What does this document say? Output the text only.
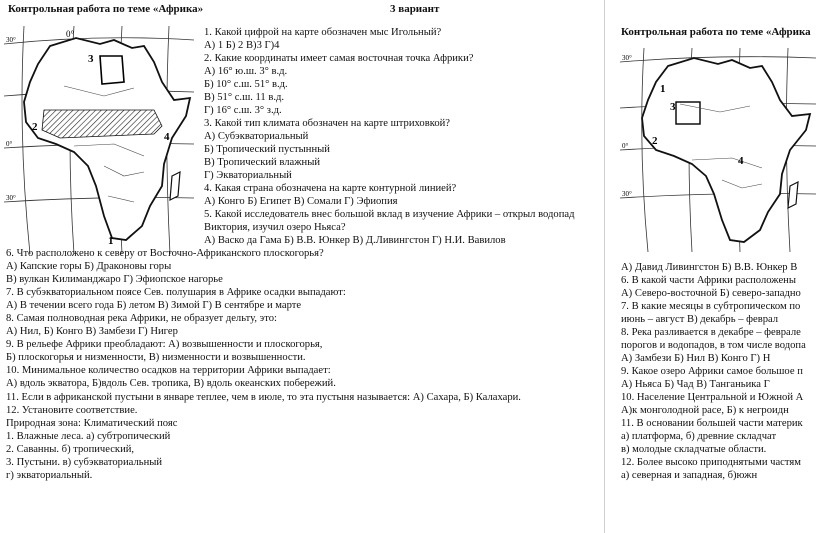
Контрольная работа по теме «Африка»	3 вариант
0°
1
2
3
4
30°
0°
30°
1. Какой цифрой на карте обозначен мыс Игольный?
А) 1 Б) 2 В)3 Г)4
2. Какие координаты имеет самая восточная точка Африки?
А) 16° ю.ш. 3° в.д.
Б) 10° с.ш. 51° в.д.
В) 51° с.ш. 11 в.д.
Г) 16° с.ш. 3° з.д.
3. Какой тип климата обозначен на карте штриховкой?
А) Субэкваториальный
Б) Тропический пустынный
В) Тропический влажный
Г) Экваториальный
4. Какая страна обозначена на карте контурной линией?
А) Конго Б) Египет В) Сомали Г) Эфиопия
5. Какой исследователь внес большой вклад в изучение Африки – открыл водопад
Виктория, изучил озеро Ньяса?
А) Васко да Гама Б) В.В. Юнкер В) Д.Ливингстон Г) Н.И. Вавилов
6. Что расположено к северу от Восточно-Африканского плоскогорья?
А) Капские горы Б) Драконовы горы
В) вулкан Килиманджаро Г) Эфиопское нагорье
7. В субэкваториальном поясе Сев. полушария в Африке осадки выпадают:
А) В течении всего года Б) летом В) Зимой Г) В сентябре и марте
8. Самая полноводная река Африки, не образует дельту, это:
А) Нил, Б) Конго В) Замбези Г) Нигер
9. В рельефе Африки преобладают: А) возвышенности и плоскогорья,
Б) плоскогорья и низменности, В) низменности и возвышенности.
10. Минимальное количество осадков на территории Африки выпадает:
А) вдоль экватора, Б)вдоль Сев. тропика, В) вдоль океанских побережий.
11. Если в африканской пустыни в январе теплее, чем в июле, то эта пустыня называется: А) Сахара, Б) Калахари.
12. Установите соответствие.
Природная зона: Климатический пояс
1. Влажные леса. а) субтропический
2. Саванны. б) тропический,
3. Пустыни. в) субэкваториальный
г) экваториальный.
Контрольная работа по теме «Африка
1
2
3
4
30°
0°
30°
А) Давид Ливингстон Б) В.В. Юнкер В
6. В какой части Африки расположены
А) Северо-восточной Б) северо-западно
7. В какие месяцы в субтропическом по
июнь – август В) декабрь – феврал
8. Река разливается в декабре – феврале
порогов и водопадов, в том числе водопа
А) Замбези Б) Нил В) Конго Г) Н
9. Какое озеро Африки самое большое п
А) Ньяса Б) Чад В) Танганьика Г
10. Население Центральной и Южной А
А)к монголодной расе, Б) к негроидн
11. В основании большей части материк
а) платформа, б) древние складчат
в) молодые складчатые области.
12. Более высоко приподнятыми частям
а) северная и западная, б)южн
